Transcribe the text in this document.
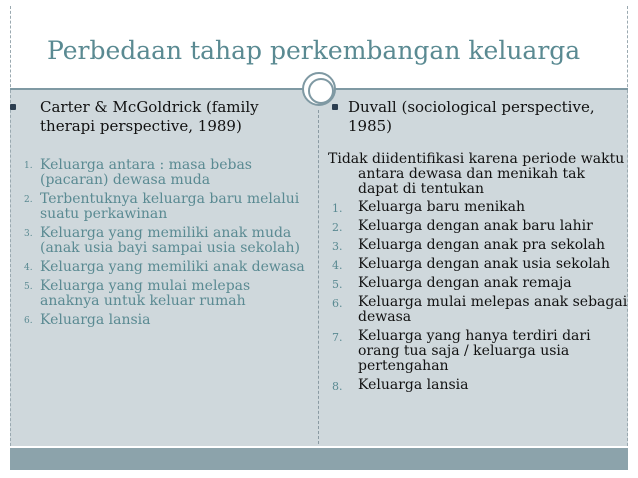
Perbedaan tahap perkembangan keluarga
Carter & McGoldrick (family therapi perspective, 1989)
1. Keluarga antara : masa bebas (pacaran) dewasa muda
2. Terbentuknya keluarga baru melalui suatu perkawinan
3. Keluarga yang memiliki anak muda (anak usia bayi sampai usia sekolah)
4. Keluarga yang memiliki anak dewasa
5. Keluarga yang mulai melepas anaknya untuk keluar rumah
6. Keluarga lansia
Duvall (sociological perspective, 1985)

Tidak diidentifikasi karena periode waktu antara dewasa dan menikah tak dapat di tentukan

1. Keluarga baru menikah
2. Keluarga dengan anak baru lahir
3. Keluarga dengan anak pra sekolah
4. Keluarga dengan anak usia sekolah
5. Keluarga dengan anak remaja
6. Keluarga mulai melepas anak sebagai dewasa
7. Keluarga yang hanya terdiri dari orang tua saja / keluarga usia pertengahan
8. Keluarga lansia
